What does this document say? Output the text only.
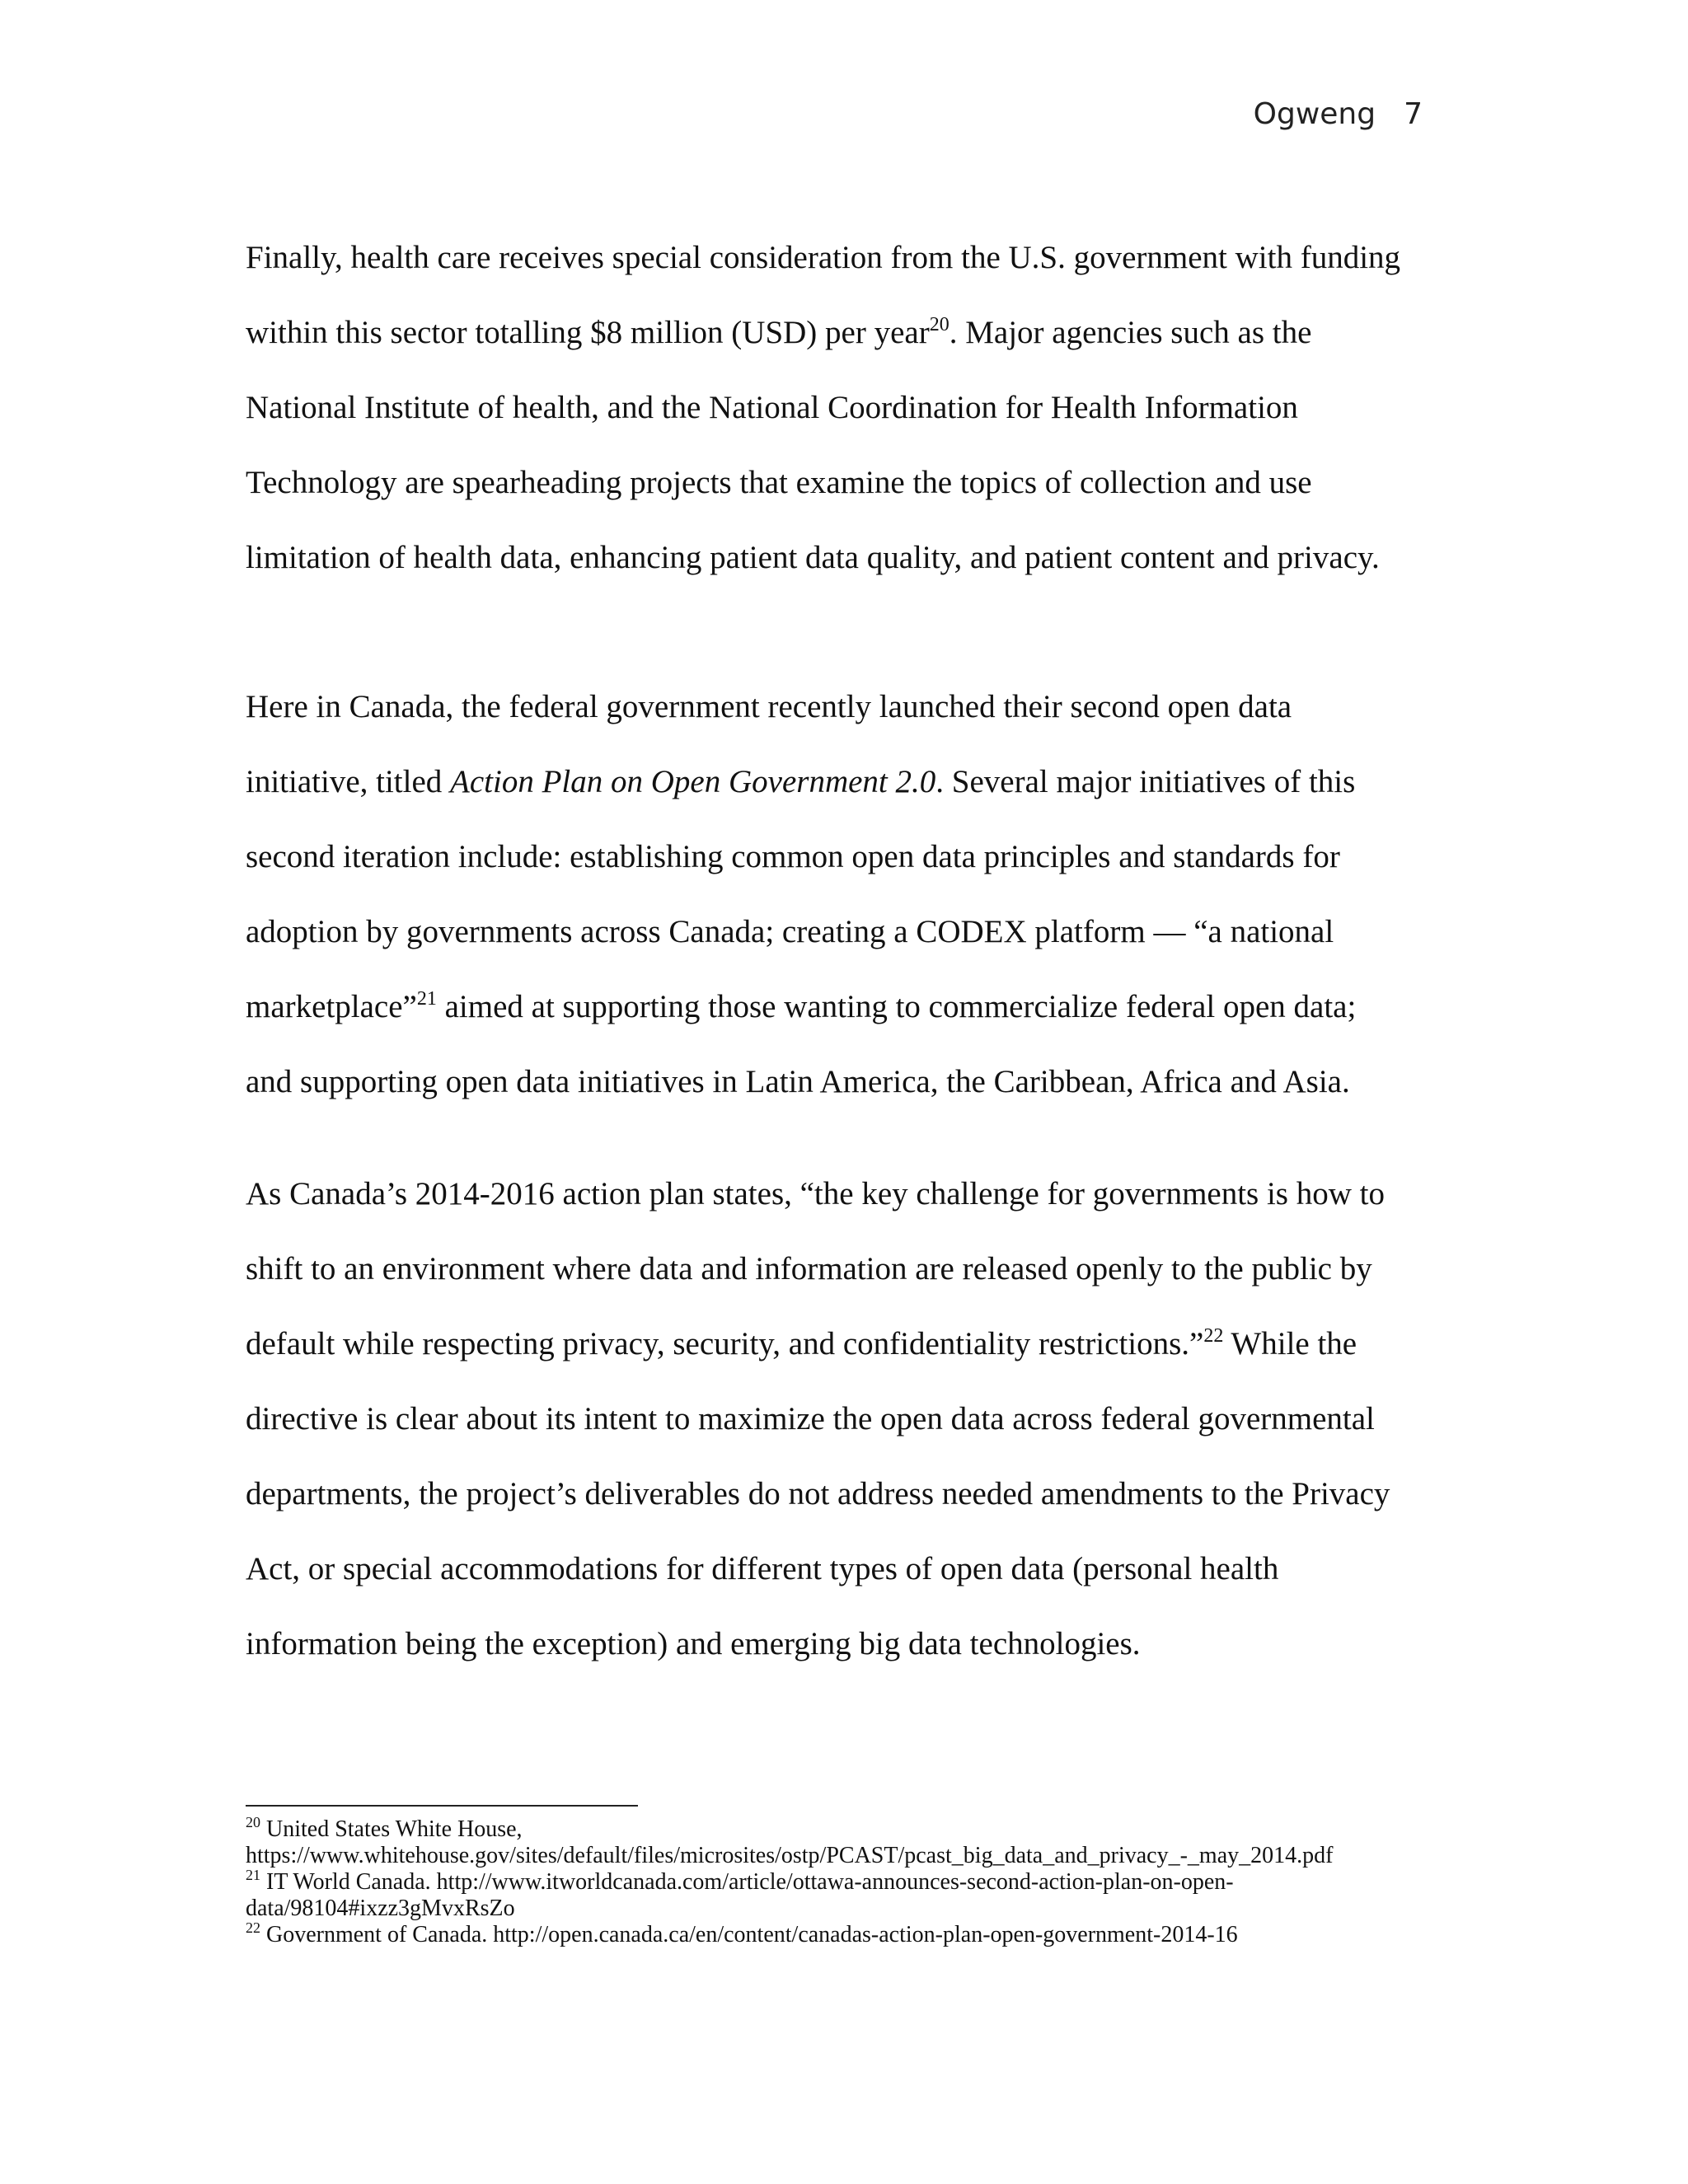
Ogweng 7
Finally, health care receives special consideration from the U.S. government with funding
within this sector totalling $8 million (USD) per year$^{20}$. Major agencies such as the
National Institute of health, and the National Coordination for Health Information
Technology are spearheading projects that examine the topics of collection and use
limitation of health data, enhancing patient data quality, and patient content and privacy.
Here in Canada, the federal government recently launched their second open data
initiative, titled Action Plan on Open Government 2.0. Several major initiatives of this
second iteration include: establishing common open data principles and standards for
adoption by governments across Canada; creating a CODEX platform — “a national
marketplace”$^{21}$ aimed at supporting those wanting to commercialize federal open data;
and supporting open data initiatives in Latin America, the Caribbean, Africa and Asia.
As Canada’s 2014-2016 action plan states, “the key challenge for governments is how to
shift to an environment where data and information are released openly to the public by
default while respecting privacy, security, and confidentiality restrictions.”$^{22}$ While the
directive is clear about its intent to maximize the open data across federal governmental
departments, the project’s deliverables do not address needed amendments to the Privacy
Act, or special accommodations for different types of open data (personal health
information being the exception) and emerging big data technologies.
$^{20}$ United States White House,
https://www.whitehouse.gov/sites/default/files/microsites/ostp/PCAST/pcast_big_data_and_privacy_-_may_2014.pdf
$^{21}$ IT World Canada. http://www.itworldcanada.com/article/ottawa-announces-second-action-plan-on-open-
data/98104#ixzz3gMvxRsZo
$^{22}$ Government of Canada. http://open.canada.ca/en/content/canadas-action-plan-open-government-2014-16
